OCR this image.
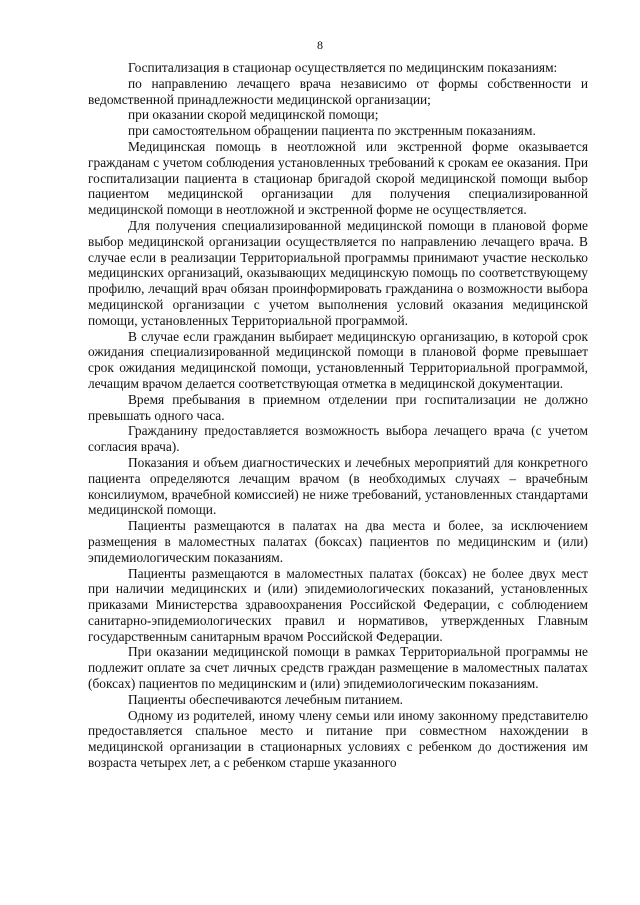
8

Госпитализация в стационар осуществляется по медицинским показаниям:

по направлению лечащего врача независимо от формы собственности и ведомственной принадлежности медицинской организации;

при оказании скорой медицинской помощи;

при самостоятельном обращении пациента по экстренным показаниям.

Медицинская помощь в неотложной или экстренной форме оказывается гражданам с учетом соблюдения установленных требований к срокам ее оказания. При госпитализации пациента в стационар бригадой скорой медицинской помощи выбор пациентом медицинской организации для получения специализированной медицинской помощи в неотложной и экстренной форме не осуществляется.

Для получения специализированной медицинской помощи в плановой форме выбор медицинской организации осуществляется по направлению лечащего врача. В случае если в реализации Территориальной программы принимают участие несколько медицинских организаций, оказывающих медицинскую помощь по соответствующему профилю, лечащий врач обязан проинформировать гражданина о возможности выбора медицинской организации с учетом выполнения условий оказания медицинской помощи, установленных Территориальной программой.

В случае если гражданин выбирает медицинскую организацию, в которой срок ожидания специализированной медицинской помощи в плановой форме превышает срок ожидания медицинской помощи, установленный Территориальной программой, лечащим врачом делается соответствующая отметка в медицинской документации.

Время пребывания в приемном отделении при госпитализации не должно превышать одного часа.

Гражданину предоставляется возможность выбора лечащего врача (с учетом согласия врача).

Показания и объем диагностических и лечебных мероприятий для конкретного пациента определяются лечащим врачом (в необходимых случаях – врачебным консилиумом, врачебной комиссией) не ниже требований, установленных стандартами медицинской помощи.

Пациенты размещаются в палатах на два места и более, за исключением размещения в маломестных палатах (боксах) пациентов по медицинским и (или) эпидемиологическим показаниям.

Пациенты размещаются в маломестных палатах (боксах) не более двух мест при наличии медицинских и (или) эпидемиологических показаний, установленных приказами Министерства здравоохранения Российской Федерации, с соблюдением санитарно-эпидемиологических правил и нормативов, утвержденных Главным государственным санитарным врачом Российской Федерации.

При оказании медицинской помощи в рамках Территориальной программы не подлежит оплате за счет личных средств граждан размещение в маломестных палатах (боксах) пациентов по медицинским и (или) эпидемиологическим показаниям.

Пациенты обеспечиваются лечебным питанием.

Одному из родителей, иному члену семьи или иному законному представителю предоставляется спальное место и питание при совместном нахождении в медицинской организации в стационарных условиях с ребенком до достижения им возраста четырех лет, а с ребенком старше указанного
